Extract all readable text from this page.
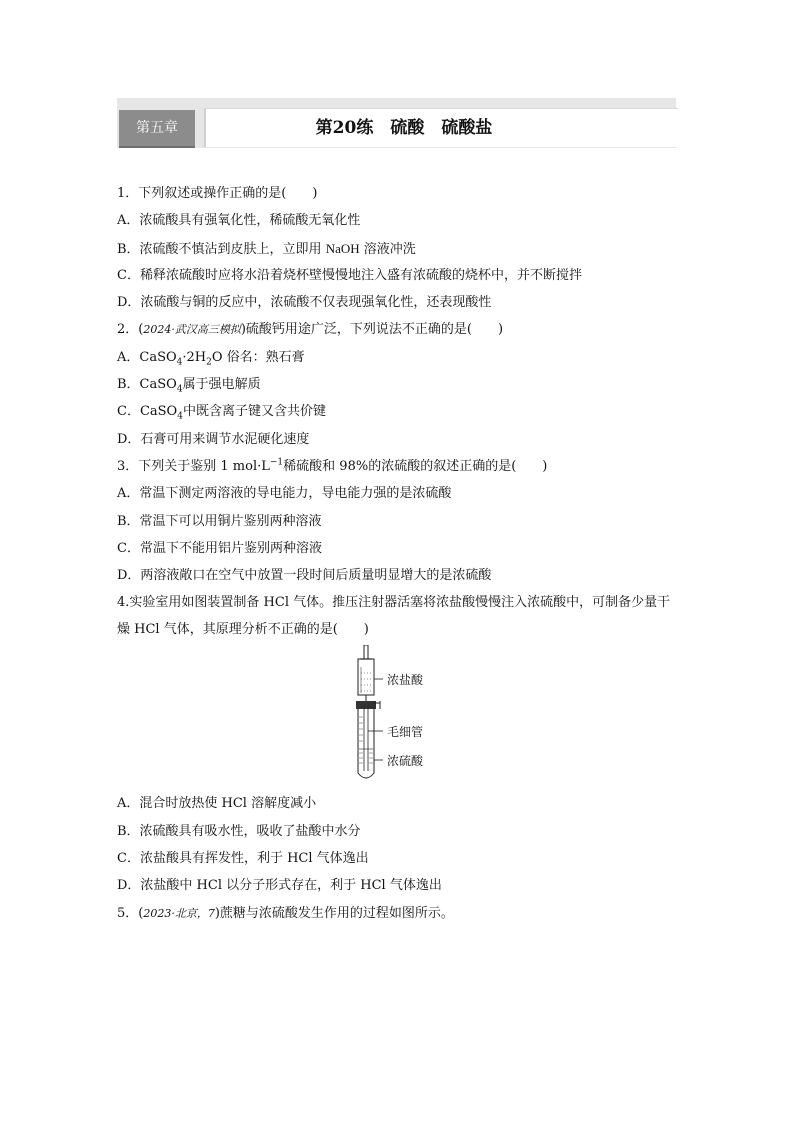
第五章	第20练　硫酸　硫酸盐
1．下列叙述或操作正确的是(　　)
A．浓硫酸具有强氧化性，稀硫酸无氧化性
B．浓硫酸不慎沾到皮肤上，立即用 NaOH 溶液冲洗
C．稀释浓硫酸时应将水沿着烧杯壁慢慢地注入盛有浓硫酸的烧杯中，并不断搅拌
D．浓硫酸与铜的反应中，浓硫酸不仅表现强氧化性，还表现酸性
2．(2024·武汉高三模拟)硫酸钙用途广泛，下列说法不正确的是(　　)
A．$CaSO_4\cdot 2H_2O$ 俗名：熟石膏
B．CaSO$_4$属于强电解质
C．CaSO$_4$中既含离子键又含共价键
D．石膏可用来调节水泥硬化速度
3．下列关于鉴别 1 $mol\cdot L^{-1}$稀硫酸和 98%的浓硫酸的叙述正确的是(　　)
A．常温下测定两溶液的导电能力，导电能力强的是浓硫酸
B．常温下可以用铜片鉴别两种溶液
C．常温下不能用铝片鉴别两种溶液
D．两溶液敞口在空气中放置一段时间后质量明显增大的是浓硫酸
4.实验室用如图装置制备 HCl 气体。推压注射器活塞将浓盐酸慢慢注入浓硫酸中，可制备少量干燥 HCl 气体，其原理分析不正确的是(　　)
浓盐酸
毛细管
浓硫酸
A．混合时放热使 HCl 溶解度减小
B．浓硫酸具有吸水性，吸收了盐酸中水分
C．浓盐酸具有挥发性，利于 HCl 气体逸出
D．浓盐酸中 HCl 以分子形式存在，利于 HCl 气体逸出
5．(2023·北京，7)蔗糖与浓硫酸发生作用的过程如图所示。
